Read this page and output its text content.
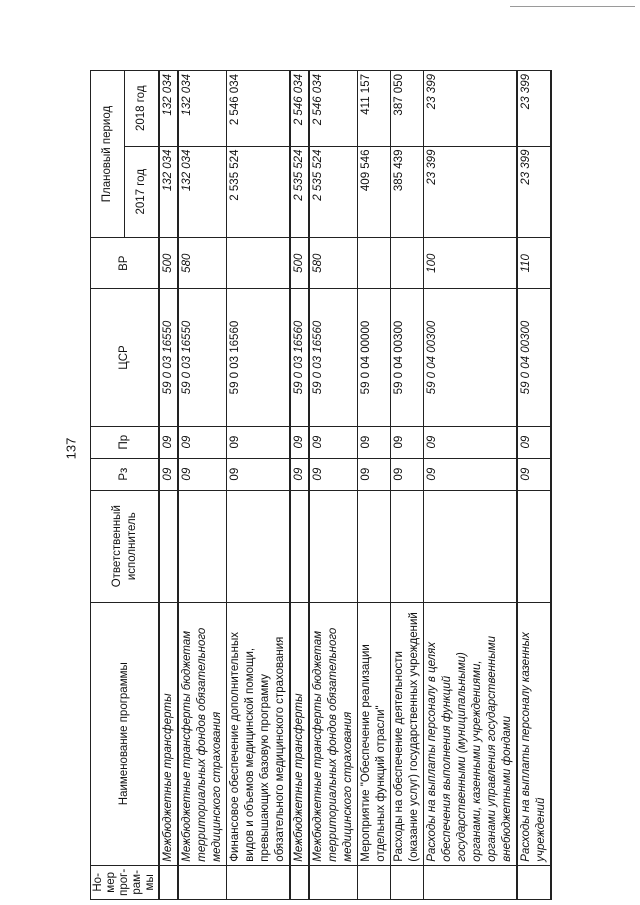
137
Но- мер прог- рам- мы	Наименование программы	Ответственный исполнитель	Рз	Пр	ЦСР	ВР	Плановый период	
							2017 год	2018 год
	Межбюджетные трансферты		09	09	59 0 03 16550	500	132 034	132 034
	Межбюджетные трансферты бюджетам территориальных фондов обязательного медицинского страхования		09	09	59 0 03 16550	580	132 034	132 034
	Финансовое обеспечение дополнительных видов и объемов медицинской помощи, превышающих базовую программу обязательного медицинского страхования		09	09	59 0 03 16560		2 535 524	2 546 034
	Межбюджетные трансферты		09	09	59 0 03 16560	500	2 535 524	2 546 034
	Межбюджетные трансферты бюджетам территориальных фондов обязательного медицинского страхования		09	09	59 0 03 16560	580	2 535 524	2 546 034
	Мероприятие "Обеспечение реализации отдельных функций отрасли"		09	09	59 0 04 00000		409 546	411 157
	Расходы на обеспечение деятельности (оказание услуг) государственных учреждений		09	09	59 0 04 00300		385 439	387 050
	Расходы на выплаты персоналу в целях обеспечения выполнения функций государственными (муниципальными) органами, казенными учреждениями, органами управления государственными внебюджетными фондами		09	09	59 0 04 00300	100	23 399	23 399
	Расходы на выплаты персоналу казенных учреждений		09	09	59 0 04 00300	110	23 399	23 399
